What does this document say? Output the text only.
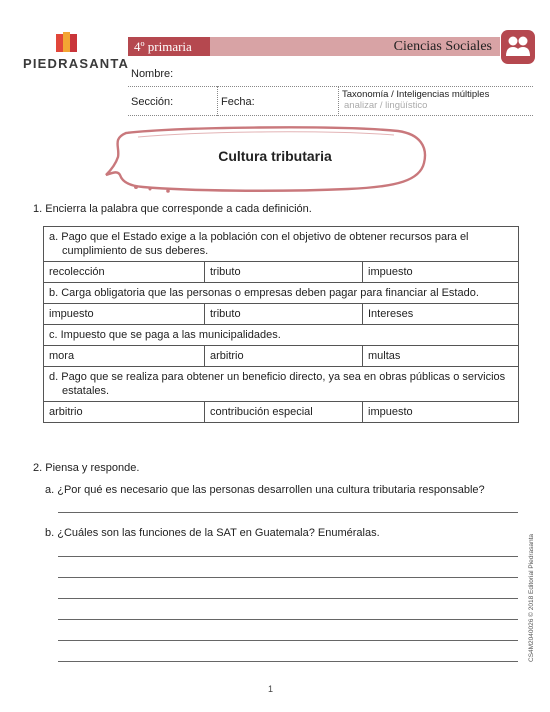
PIEDRASANTA
4º primaria	Ciencias Sociales
Nombre:
Sección:	Fecha:
Taxonomía / Inteligencias múltiples
analizar / lingüístico
Cultura tributaria
1. Encierra la palabra que corresponde a cada definición.
a. Pago que el Estado exige a la población con el objetivo de obtener recursos para el cumplimiento de sus deberes.		
recolección	tributo	impuesto
b. Carga obligatoria que las personas o empresas deben pagar para financiar al Estado.		
impuesto	tributo	Intereses
c. Impuesto que se paga a las municipalidades.		
mora	arbitrio	multas
d. Pago que se realiza para obtener un beneficio directo, ya sea en obras públicas o servicios estatales.		
arbitrio	contribución especial	impuesto
2. Piensa y responde.
a. ¿Por qué es necesario que las personas desarrollen una cultura tributaria responsable?
b. ¿Cuáles son las funciones de la SAT en Guatemala? Enuméralas.
CS4M2040026 © 2018 Editorial Piedrasanta
1
